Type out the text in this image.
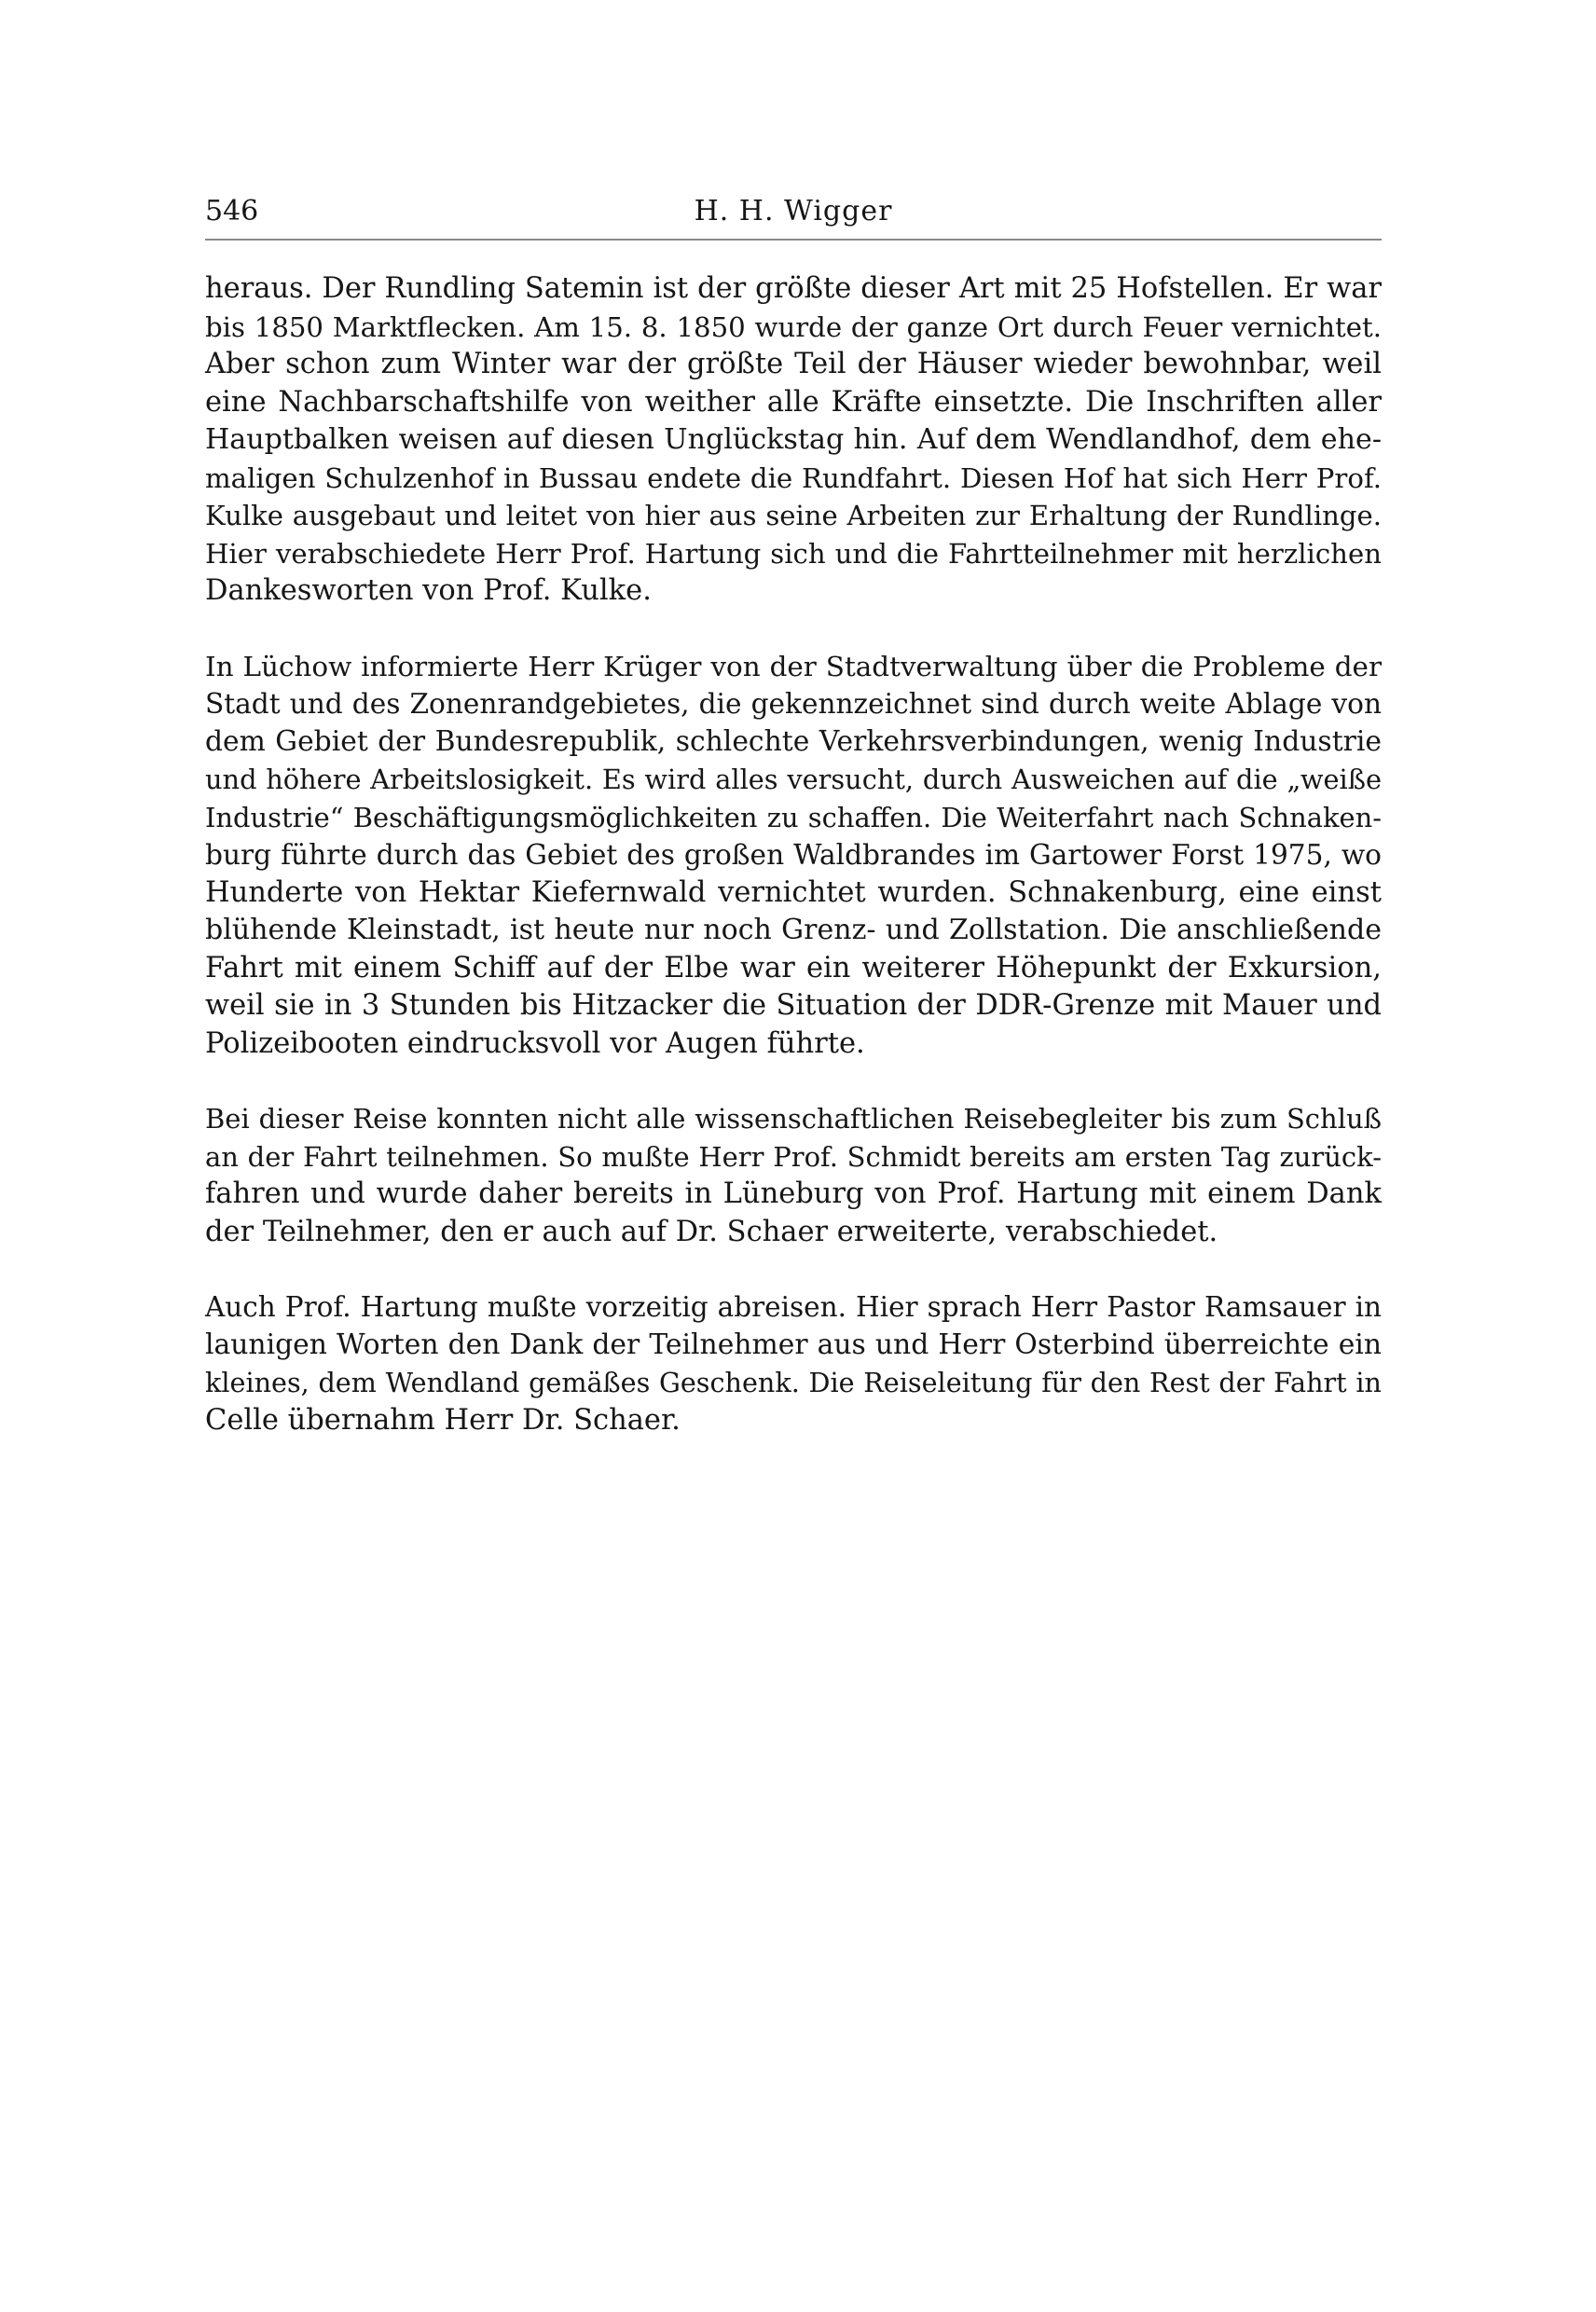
546	H. H. Wigger

heraus. Der Rundling Satemin ist der größte dieser Art mit 25 Hofstellen. Er war
bis 1850 Marktflecken. Am 15. 8. 1850 wurde der ganze Ort durch Feuer vernichtet.
Aber schon zum Winter war der größte Teil der Häuser wieder bewohnbar, weil
eine Nachbarschaftshilfe von weither alle Kräfte einsetzte. Die Inschriften aller
Hauptbalken weisen auf diesen Unglückstag hin. Auf dem Wendlandhof, dem ehe-
maligen Schulzenhof in Bussau endete die Rundfahrt. Diesen Hof hat sich Herr Prof.
Kulke ausgebaut und leitet von hier aus seine Arbeiten zur Erhaltung der Rundlinge.
Hier verabschiedete Herr Prof. Hartung sich und die Fahrtteilnehmer mit herzlichen
Dankesworten von Prof. Kulke.

In Lüchow informierte Herr Krüger von der Stadtverwaltung über die Probleme der
Stadt und des Zonenrandgebietes, die gekennzeichnet sind durch weite Ablage von
dem Gebiet der Bundesrepublik, schlechte Verkehrsverbindungen, wenig Industrie
und höhere Arbeitslosigkeit. Es wird alles versucht, durch Ausweichen auf die „weiße
Industrie“ Beschäftigungsmöglichkeiten zu schaffen. Die Weiterfahrt nach Schnaken-
burg führte durch das Gebiet des großen Waldbrandes im Gartower Forst 1975, wo
Hunderte von Hektar Kiefernwald vernichtet wurden. Schnakenburg, eine einst
blühende Kleinstadt, ist heute nur noch Grenz- und Zollstation. Die anschließende
Fahrt mit einem Schiff auf der Elbe war ein weiterer Höhepunkt der Exkursion,
weil sie in 3 Stunden bis Hitzacker die Situation der DDR-Grenze mit Mauer und
Polizeibooten eindrucksvoll vor Augen führte.

Bei dieser Reise konnten nicht alle wissenschaftlichen Reisebegleiter bis zum Schluß
an der Fahrt teilnehmen. So mußte Herr Prof. Schmidt bereits am ersten Tag zurück-
fahren und wurde daher bereits in Lüneburg von Prof. Hartung mit einem Dank
der Teilnehmer, den er auch auf Dr. Schaer erweiterte, verabschiedet.

Auch Prof. Hartung mußte vorzeitig abreisen. Hier sprach Herr Pastor Ramsauer in
launigen Worten den Dank der Teilnehmer aus und Herr Osterbind überreichte ein
kleines, dem Wendland gemäßes Geschenk. Die Reiseleitung für den Rest der Fahrt in
Celle übernahm Herr Dr. Schaer.
